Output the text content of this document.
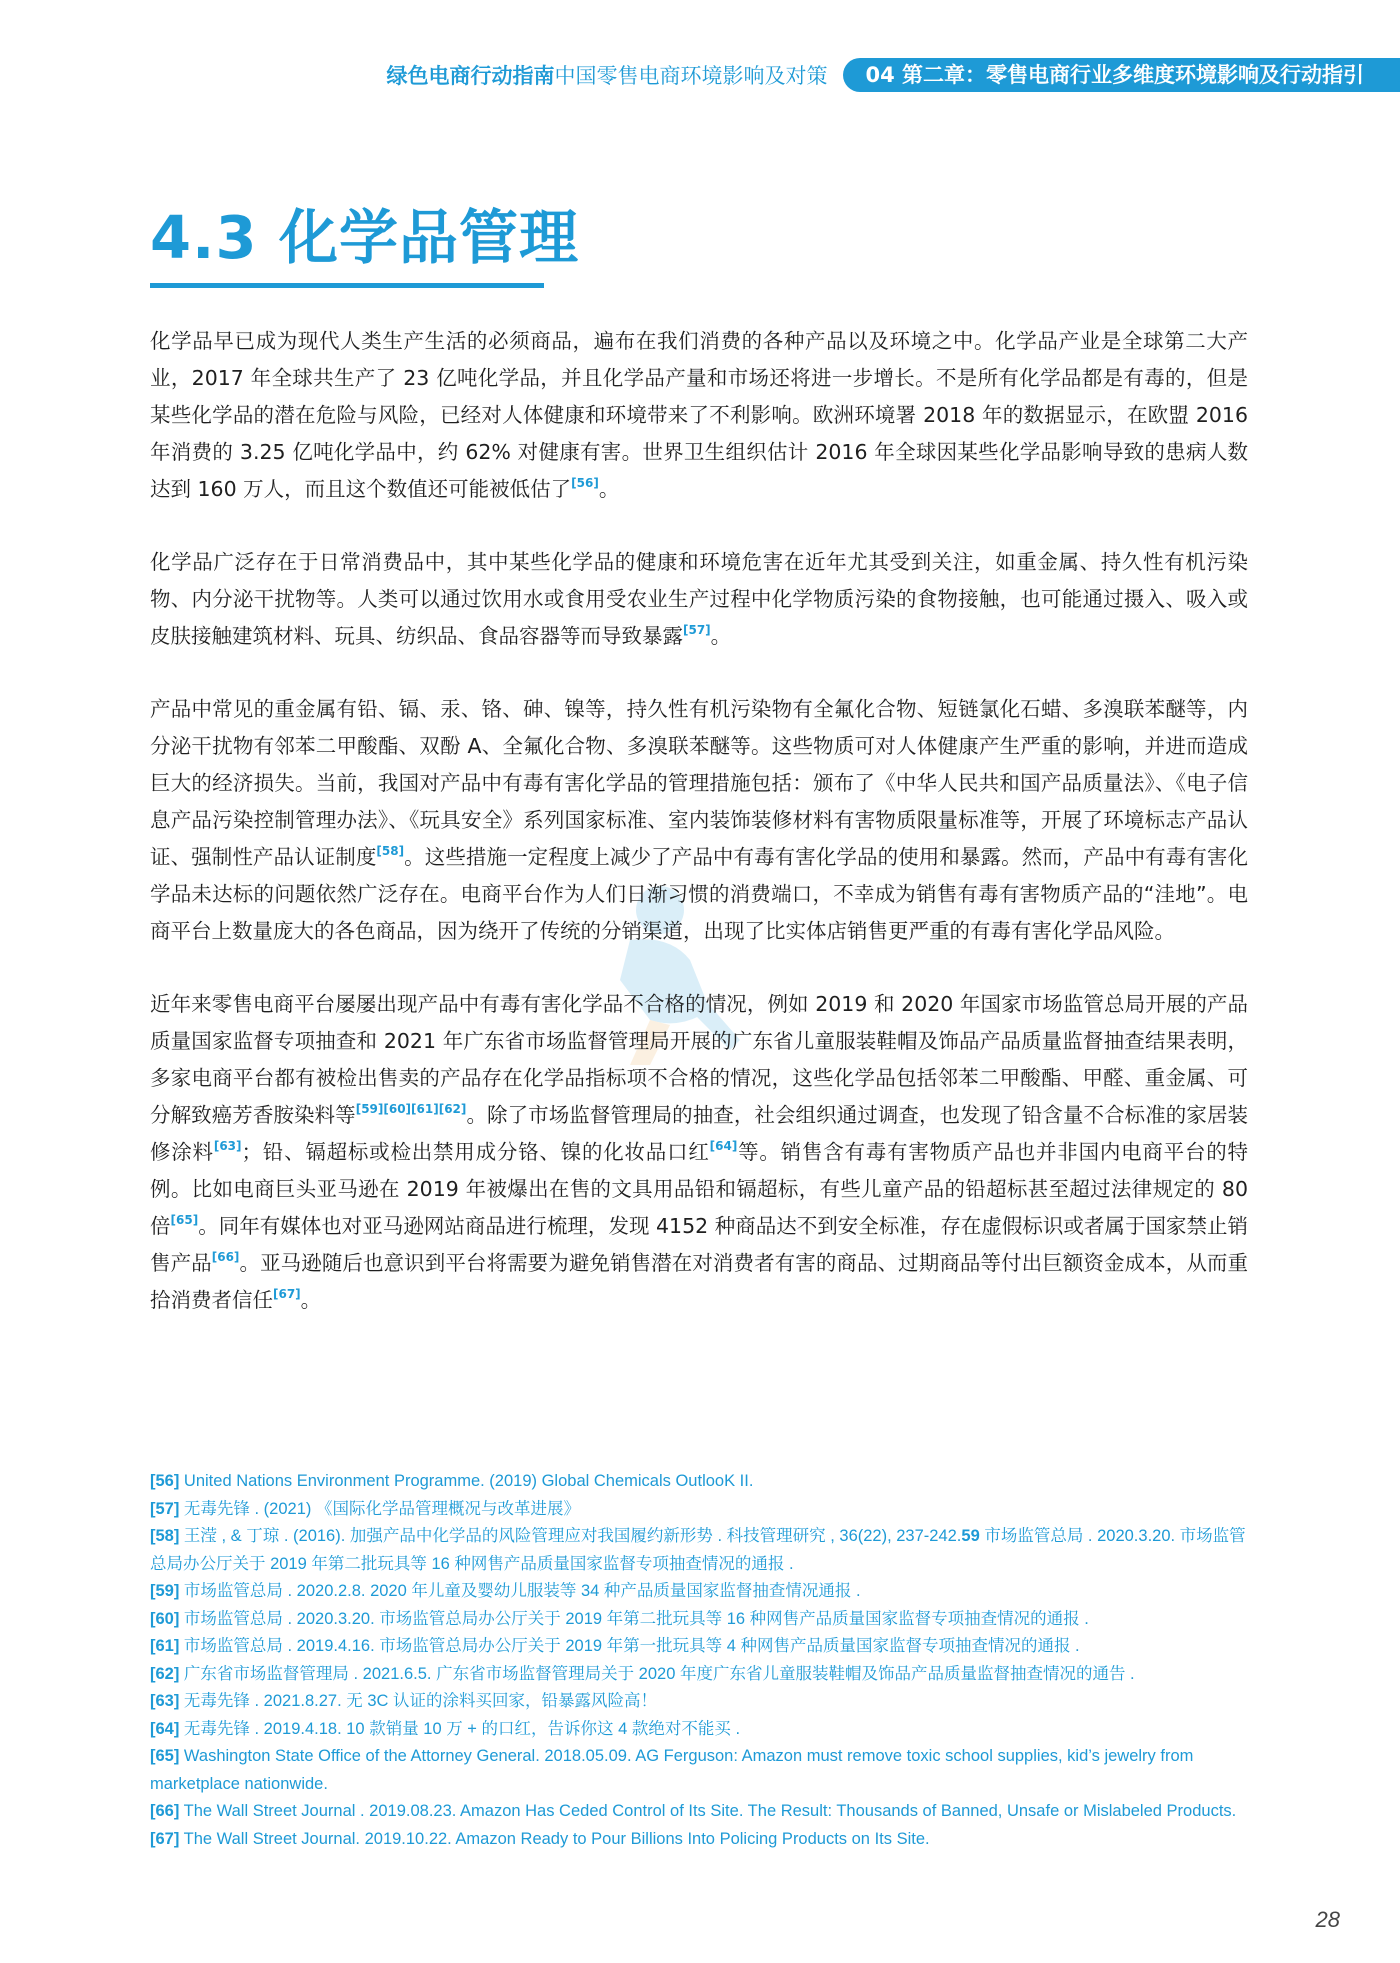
绿色电商行动指南 中国零售电商环境影响及对策	04 第二章：零售电商行业多维度环境影响及行动指引
4.3 化学品管理

化学品早已成为现代人类生产生活的必须商品，遍布在我们消费的各种产品以及环境之中。化学品产业是全球第二大产业，2017 年全球共生产了 23 亿吨化学品，并且化学品产量和市场还将进一步增长。不是所有化学品都是有毒的，但是某些化学品的潜在危险与风险，已经对人体健康和环境带来了不利影响。欧洲环境署 2018 年的数据显示，在欧盟 2016 年消费的 3.25 亿吨化学品中，约 62% 对健康有害。世界卫生组织估计 2016 年全球因某些化学品影响导致的患病人数达到 160 万人，而且这个数值还可能被低估了[56]。

化学品广泛存在于日常消费品中，其中某些化学品的健康和环境危害在近年尤其受到关注，如重金属、持久性有机污染物、内分泌干扰物等。人类可以通过饮用水或食用受农业生产过程中化学物质污染的食物接触，也可能通过摄入、吸入或皮肤接触建筑材料、玩具、纺织品、食品容器等而导致暴露[57]。

产品中常见的重金属有铅、镉、汞、铬、砷、镍等，持久性有机污染物有全氟化合物、短链氯化石蜡、多溴联苯醚等，内分泌干扰物有邻苯二甲酸酯、双酚 A、全氟化合物、多溴联苯醚等。这些物质可对人体健康产生严重的影响，并进而造成巨大的经济损失。当前，我国对产品中有毒有害化学品的管理措施包括：颁布了《中华人民共和国产品质量法》、《电子信息产品污染控制管理办法》、《玩具安全》系列国家标准、室内装饰装修材料有害物质限量标准等，开展了环境标志产品认证、强制性产品认证制度[58]。这些措施一定程度上减少了产品中有毒有害化学品的使用和暴露。然而，产品中有毒有害化学品未达标的问题依然广泛存在。电商平台作为人们日渐习惯的消费端口，不幸成为销售有毒有害物质产品的“洼地”。电商平台上数量庞大的各色商品，因为绕开了传统的分销渠道，出现了比实体店销售更严重的有毒有害化学品风险。

近年来零售电商平台屡屡出现产品中有毒有害化学品不合格的情况，例如 2019 和 2020 年国家市场监管总局开展的产品质量国家监督专项抽查和 2021 年广东省市场监督管理局开展的广东省儿童服装鞋帽及饰品产品质量监督抽查结果表明，多家电商平台都有被检出售卖的产品存在化学品指标项不合格的情况，这些化学品包括邻苯二甲酸酯、甲醛、重金属、可分解致癌芳香胺染料等[59][60][61][62]。除了市场监督管理局的抽查，社会组织通过调查，也发现了铅含量不合标准的家居装修涂料[63]；铅、镉超标或检出禁用成分铬、镍的化妆品口红[64]等。销售含有毒有害物质产品也并非国内电商平台的特例。比如电商巨头亚马逊在 2019 年被爆出在售的文具用品铅和镉超标，有些儿童产品的铅超标甚至超过法律规定的 80 倍[65]。同年有媒体也对亚马逊网站商品进行梳理，发现 4152 种商品达不到安全标准，存在虚假标识或者属于国家禁止销售产品[66]。亚马逊随后也意识到平台将需要为避免销售潜在对消费者有害的商品、过期商品等付出巨额资金成本，从而重拾消费者信任[67]。

[56] United Nations Environment Programme. (2019) Global Chemicals OutlooK II.
[57] 无毒先锋 . (2021) 《国际化学品管理概况与改革进展》
[58] 王滢 , & 丁琼 . (2016). 加强产品中化学品的风险管理应对我国履约新形势 . 科技管理研究 , 36(22), 237-242.59 市场监管总局 . 2020.3.20. 市场监管总局办公厅关于 2019 年第二批玩具等 16 种网售产品质量国家监督专项抽查情况的通报 .
[59] 市场监管总局 . 2020.2.8. 2020 年儿童及婴幼儿服装等 34 种产品质量国家监督抽查情况通报 .
[60] 市场监管总局 . 2020.3.20. 市场监管总局办公厅关于 2019 年第二批玩具等 16 种网售产品质量国家监督专项抽查情况的通报 .
[61] 市场监管总局 . 2019.4.16. 市场监管总局办公厅关于 2019 年第一批玩具等 4 种网售产品质量国家监督专项抽查情况的通报 .
[62] 广东省市场监督管理局 . 2021.6.5. 广东省市场监督管理局关于 2020 年度广东省儿童服装鞋帽及饰品产品质量监督抽查情况的通告 .
[63] 无毒先锋 . 2021.8.27. 无 3C 认证的涂料买回家，铅暴露风险高！
[64] 无毒先锋 . 2019.4.18. 10 款销量 10 万 + 的口红，告诉你这 4 款绝对不能买 .
[65] Washington State Office of the Attorney General. 2018.05.09. AG Ferguson: Amazon must remove toxic school supplies, kid’s jewelry from marketplace nationwide.
[66] The Wall Street Journal . 2019.08.23. Amazon Has Ceded Control of Its Site. The Result: Thousands of Banned, Unsafe or Mislabeled Products.
[67] The Wall Street Journal. 2019.10.22. Amazon Ready to Pour Billions Into Policing Products on Its Site.
28
